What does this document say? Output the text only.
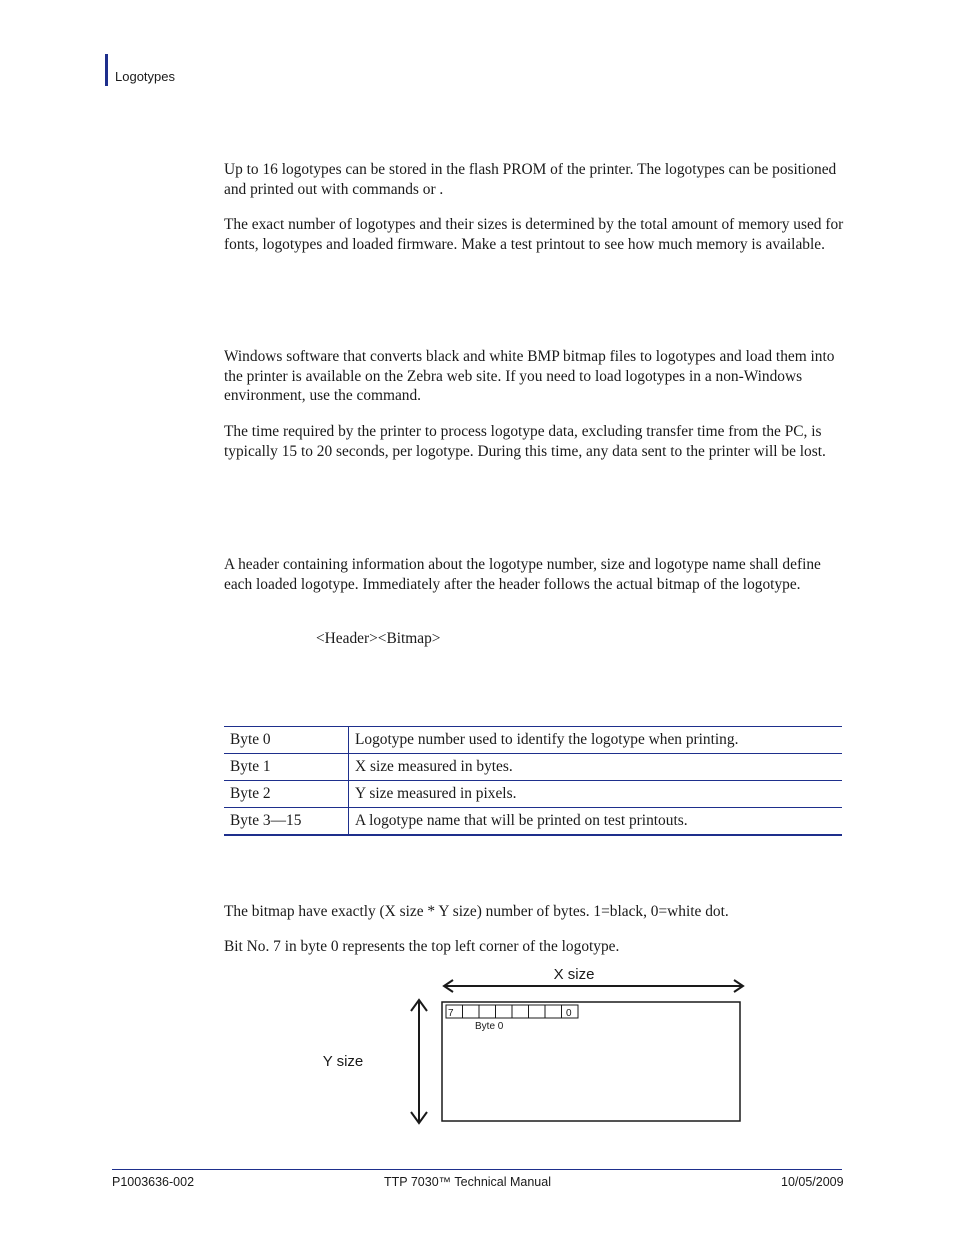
Logotypes

Up to 16 logotypes can be stored in the flash PROM of the printer. The logotypes can be positioned and printed out with commands or .

The exact number of logotypes and their sizes is determined by the total amount of memory used for fonts, logotypes and loaded firmware. Make a test printout to see how much memory is available.

Windows software that converts black and white BMP bitmap files to logotypes and load them into the printer is available on the Zebra web site. If you need to load logotypes in a non-Windows environment, use the command.

The time required by the printer to process logotype data, excluding transfer time from the PC, is typically 15 to 20 seconds, per logotype. During this time, any data sent to the printer will be lost.

A header containing information about the logotype number, size and logotype name shall define each loaded logotype. Immediately after the header follows the actual bitmap of the logotype.

<Header><Bitmap>
Byte 0	Logotype number used to identify the logotype when printing.
Byte 1	X size measured in bytes.
Byte 2	Y size measured in pixels.
Byte 3—15	A logotype name that will be printed on test printouts.

The bitmap have exactly (X size * Y size) number of bytes. 1=black, 0=white dot.

Bit No. 7 in byte 0 represents the top left corner of the logotype.

X size
Y size
7	0
Byte 0
P1003636-002	TTP 7030™ Technical Manual	10/05/2009
